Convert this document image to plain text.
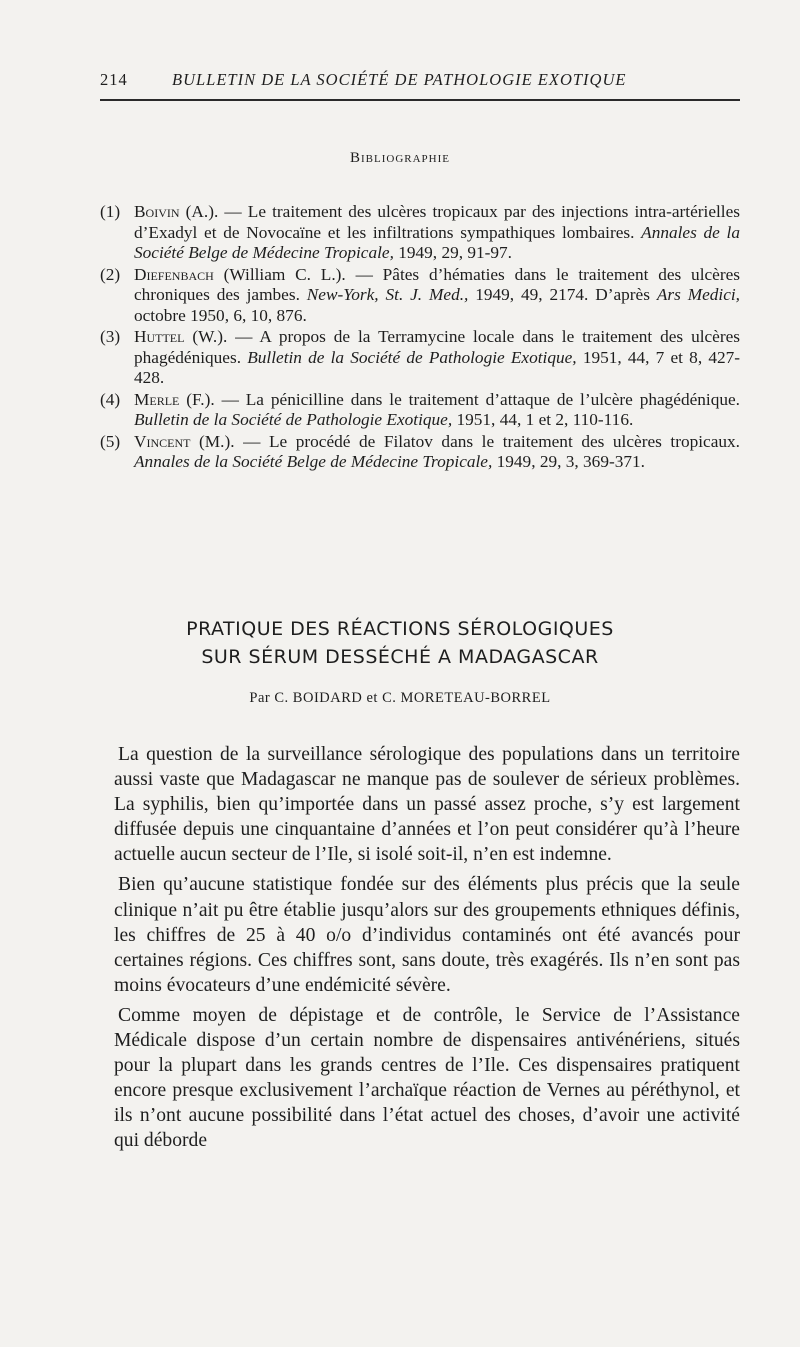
214	BULLETIN DE LA SOCIÉTÉ DE PATHOLOGIE EXOTIQUE
Bibliographie
(1) Boivin (A.). — Le traitement des ulcères tropicaux par des injections intra-artérielles d’Exadyl et de Novocaïne et les infiltrations sympathiques lombaires. Annales de la Société Belge de Médecine Tropicale, 1949, 29, 91-97.
(2) Diefenbach (William C. L.). — Pâtes d’hématies dans le traitement des ulcères chroniques des jambes. New-York, St. J. Med., 1949, 49, 2174. D’après Ars Medici, octobre 1950, 6, 10, 876.
(3) Huttel (W.). — A propos de la Terramycine locale dans le traitement des ulcères phagédéniques. Bulletin de la Société de Pathologie Exotique, 1951, 44, 7 et 8, 427-428.
(4) Merle (F.). — La pénicilline dans le traitement d’attaque de l’ulcère phagédénique. Bulletin de la Société de Pathologie Exotique, 1951, 44, 1 et 2, 110-116.
(5) Vincent (M.). — Le procédé de Filatov dans le traitement des ulcères tropicaux. Annales de la Société Belge de Médecine Tropicale, 1949, 29, 3, 369-371.
PRATIQUE DES RÉACTIONS SÉROLOGIQUES
SUR SÉRUM DESSÉCHÉ A MADAGASCAR
Par C. BOIDARD et C. MORETEAU-BORREL

La question de la surveillance sérologique des populations dans un territoire aussi vaste que Madagascar ne manque pas de soulever de sérieux problèmes. La syphilis, bien qu’importée dans un passé assez proche, s’y est largement diffusée depuis une cinquantaine d’années et l’on peut considérer qu’à l’heure actuelle aucun secteur de l’Ile, si isolé soit-il, n’en est indemne.

Bien qu’aucune statistique fondée sur des éléments plus précis que la seule clinique n’ait pu être établie jusqu’alors sur des groupements ethniques définis, les chiffres de 25 à 40 o/o d’individus contaminés ont été avancés pour certaines régions. Ces chiffres sont, sans doute, très exagérés. Ils n’en sont pas moins évocateurs d’une endémicité sévère.

Comme moyen de dépistage et de contrôle, le Service de l’Assistance Médicale dispose d’un certain nombre de dispensaires antivénériens, situés pour la plupart dans les grands centres de l’Ile. Ces dispensaires pratiquent encore presque exclusivement l’archaïque réaction de Vernes au péréthynol, et ils n’ont aucune possibilité dans l’état actuel des choses, d’avoir une activité qui déborde
